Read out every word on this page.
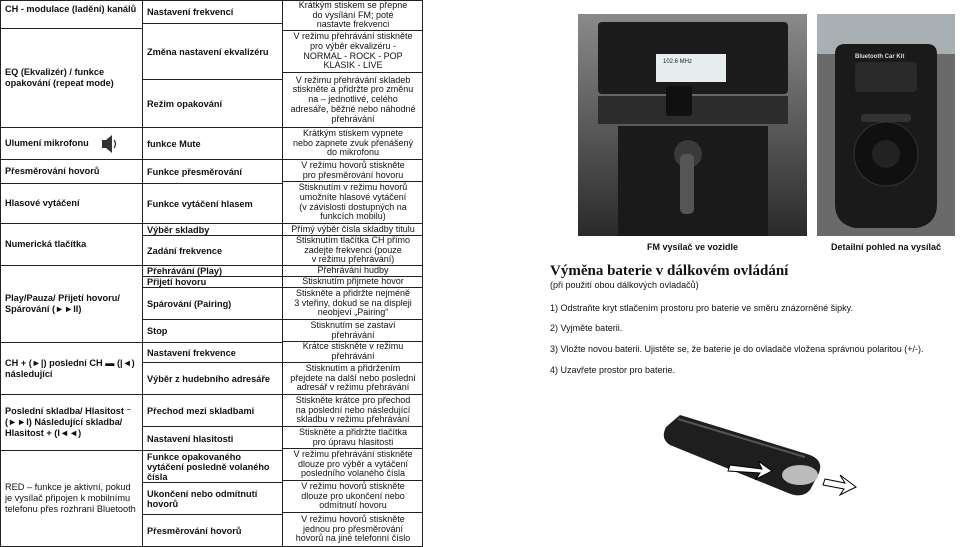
CH - modulace (ladění) kanálů
EQ (Ekvalizér) / funkce opakování (repeat mode)
Ulumení mikrofonu
Přesměrování hovorů
Hlasové vytáčení
Numerická tlačítka
Play/Pauza/ Přijetí hovoru/ Spárování (►►II)
CH + (►|) poslední CH ▬ (|◄) následující
Poslední skladba/ Hlasitost ⁻ (►►I) Následující skladba/ Hlasitost + (I◄◄)
RED – funkce je aktivní, pokud je vysílač připojen k mobilnímu telefonu přes rozhraní Bluetooth
Nastavení frekvencí
Změna nastavení ekvalizéru
Režim opakování
funkce Mute
Funkce přesměrování
Funkce vytáčení hlasem
Výběr skladby
Zadání frekvence
Přehrávání (Play)
Přijetí hovoru
Spárování (Pairing)
Stop
Nastavení frekvence
Výběr z hudebního adresáře
Přechod mezi skladbami
Nastavení hlasitosti
Funkce opakovaného vytáčení posledně volaného čísla
Ukončení nebo odmítnutí hovorů
Přesměrování hovorů
Krátkým stiskem se přepne
do vysílání FM; poté
nastavte frekvenci
V režimu přehrávání stiskněte
pro výběr ekvalizéru -
NORMAL - ROCK - POP
KLASIK - LIVE
V režimu přehrávání skladeb
stiskněte a přidržte pro změnu
na – jednotlivé, celého
adresáře, běžné nebo náhodné
přehrávání
Krátkým stiskem vypnete
nebo zapnete zvuk přenášený
do mikrofonu
V režimu hovorů stiskněte
pro přesměrování hovoru
Stisknutím v režimu hovorů
umožníte hlasové vytáčení
(v závislosti dostupných na
funkcích mobilu)
Přímý výběr čísla skladby titulu
Stisknutím tlačítka CH přímo
zadejte frekvenci (pouze
v režimu přehrávání)
Přehrávání hudby
Stisknutím přijmete hovor
Stiskněte a přidržte nejméně
3 vteřiny, dokud se na displeji
neobjeví „Pairing“
Stisknutím se zastaví
přehrávání
Krátce stiskněte v režimu
přehrávání
Stisknutím a přidržením
přejdete na další nebo poslední
adresář v režimu přehrávání
Stiskněte krátce pro přechod
na poslední nebo následující
skladbu v režimu přehrávání
Stiskněte a přidržte tlačítka
pro úpravu hlasitosti
V režimu přehrávání stiskněte
dlouze pro výběr a vytáčení
posledního volaného čísla
V režimu hovorů stiskněte
dlouze pro ukončení nebo
odmítnutí hovoru
V režimu hovorů stiskněte
jednou pro přesměrování
hovorů na jiné telefonní číslo
102.6 MHz
Bluetooth Car Kit
FM vysílač ve vozidle	Detailní pohled na vysílač
Výměna baterie v dálkovém ovládání
(při použití obou dálkových ovladačů)
1) Odstraňte kryt stlačením prostoru pro baterie ve směru znázorněné šipky.
2) Vyjměte baterii.
3) Vložte novou baterii. Ujistěte se, že baterie je do ovladače vložena správnou polaritou (+/-).
4) Uzavřete prostor pro baterie.
